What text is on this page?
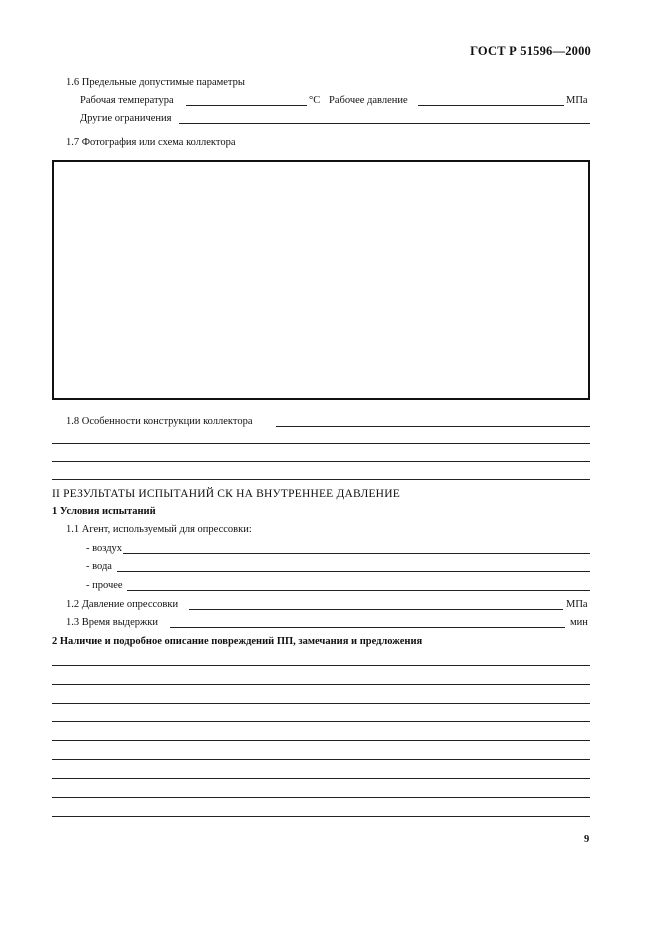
ГОСТ Р 51596—2000
1.6 Предельные допустимые параметры
Рабочая температура	°C Рабочее давление	МПа
Другие ограничения
1.7 Фотография или схема коллектора
1.8 Особенности конструкции коллектора
II РЕЗУЛЬТАТЫ ИСПЫТАНИЙ СК НА ВНУТРЕННЕЕ ДАВЛЕНИЕ
1 Условия испытаний
1.1 Агент, используемый для опрессовки:
- воздух
- вода
- прочее
1.2 Давление опрессовки	МПа
1.3 Время выдержки	мин
2 Наличие и подробное описание повреждений ПП, замечания и предложения
9
